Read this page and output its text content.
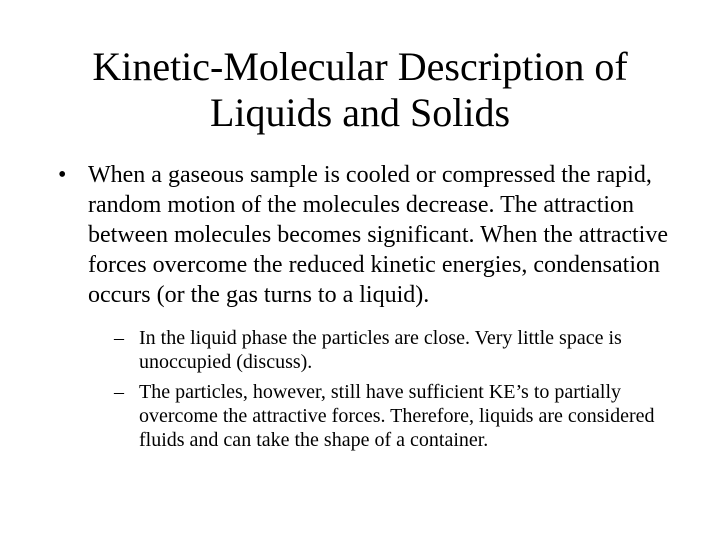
Kinetic-Molecular Description of
Liquids and Solids
• When a gaseous sample is cooled or compressed the rapid, random motion of the molecules decrease. The attraction between molecules becomes significant. When the attractive forces overcome the reduced kinetic energies, condensation occurs (or the gas turns to a liquid).
– In the liquid phase the particles are close. Very little space is unoccupied (discuss).
– The particles, however, still have sufficient KE’s to partially overcome the attractive forces. Therefore, liquids are considered fluids and can take the shape of a container.
